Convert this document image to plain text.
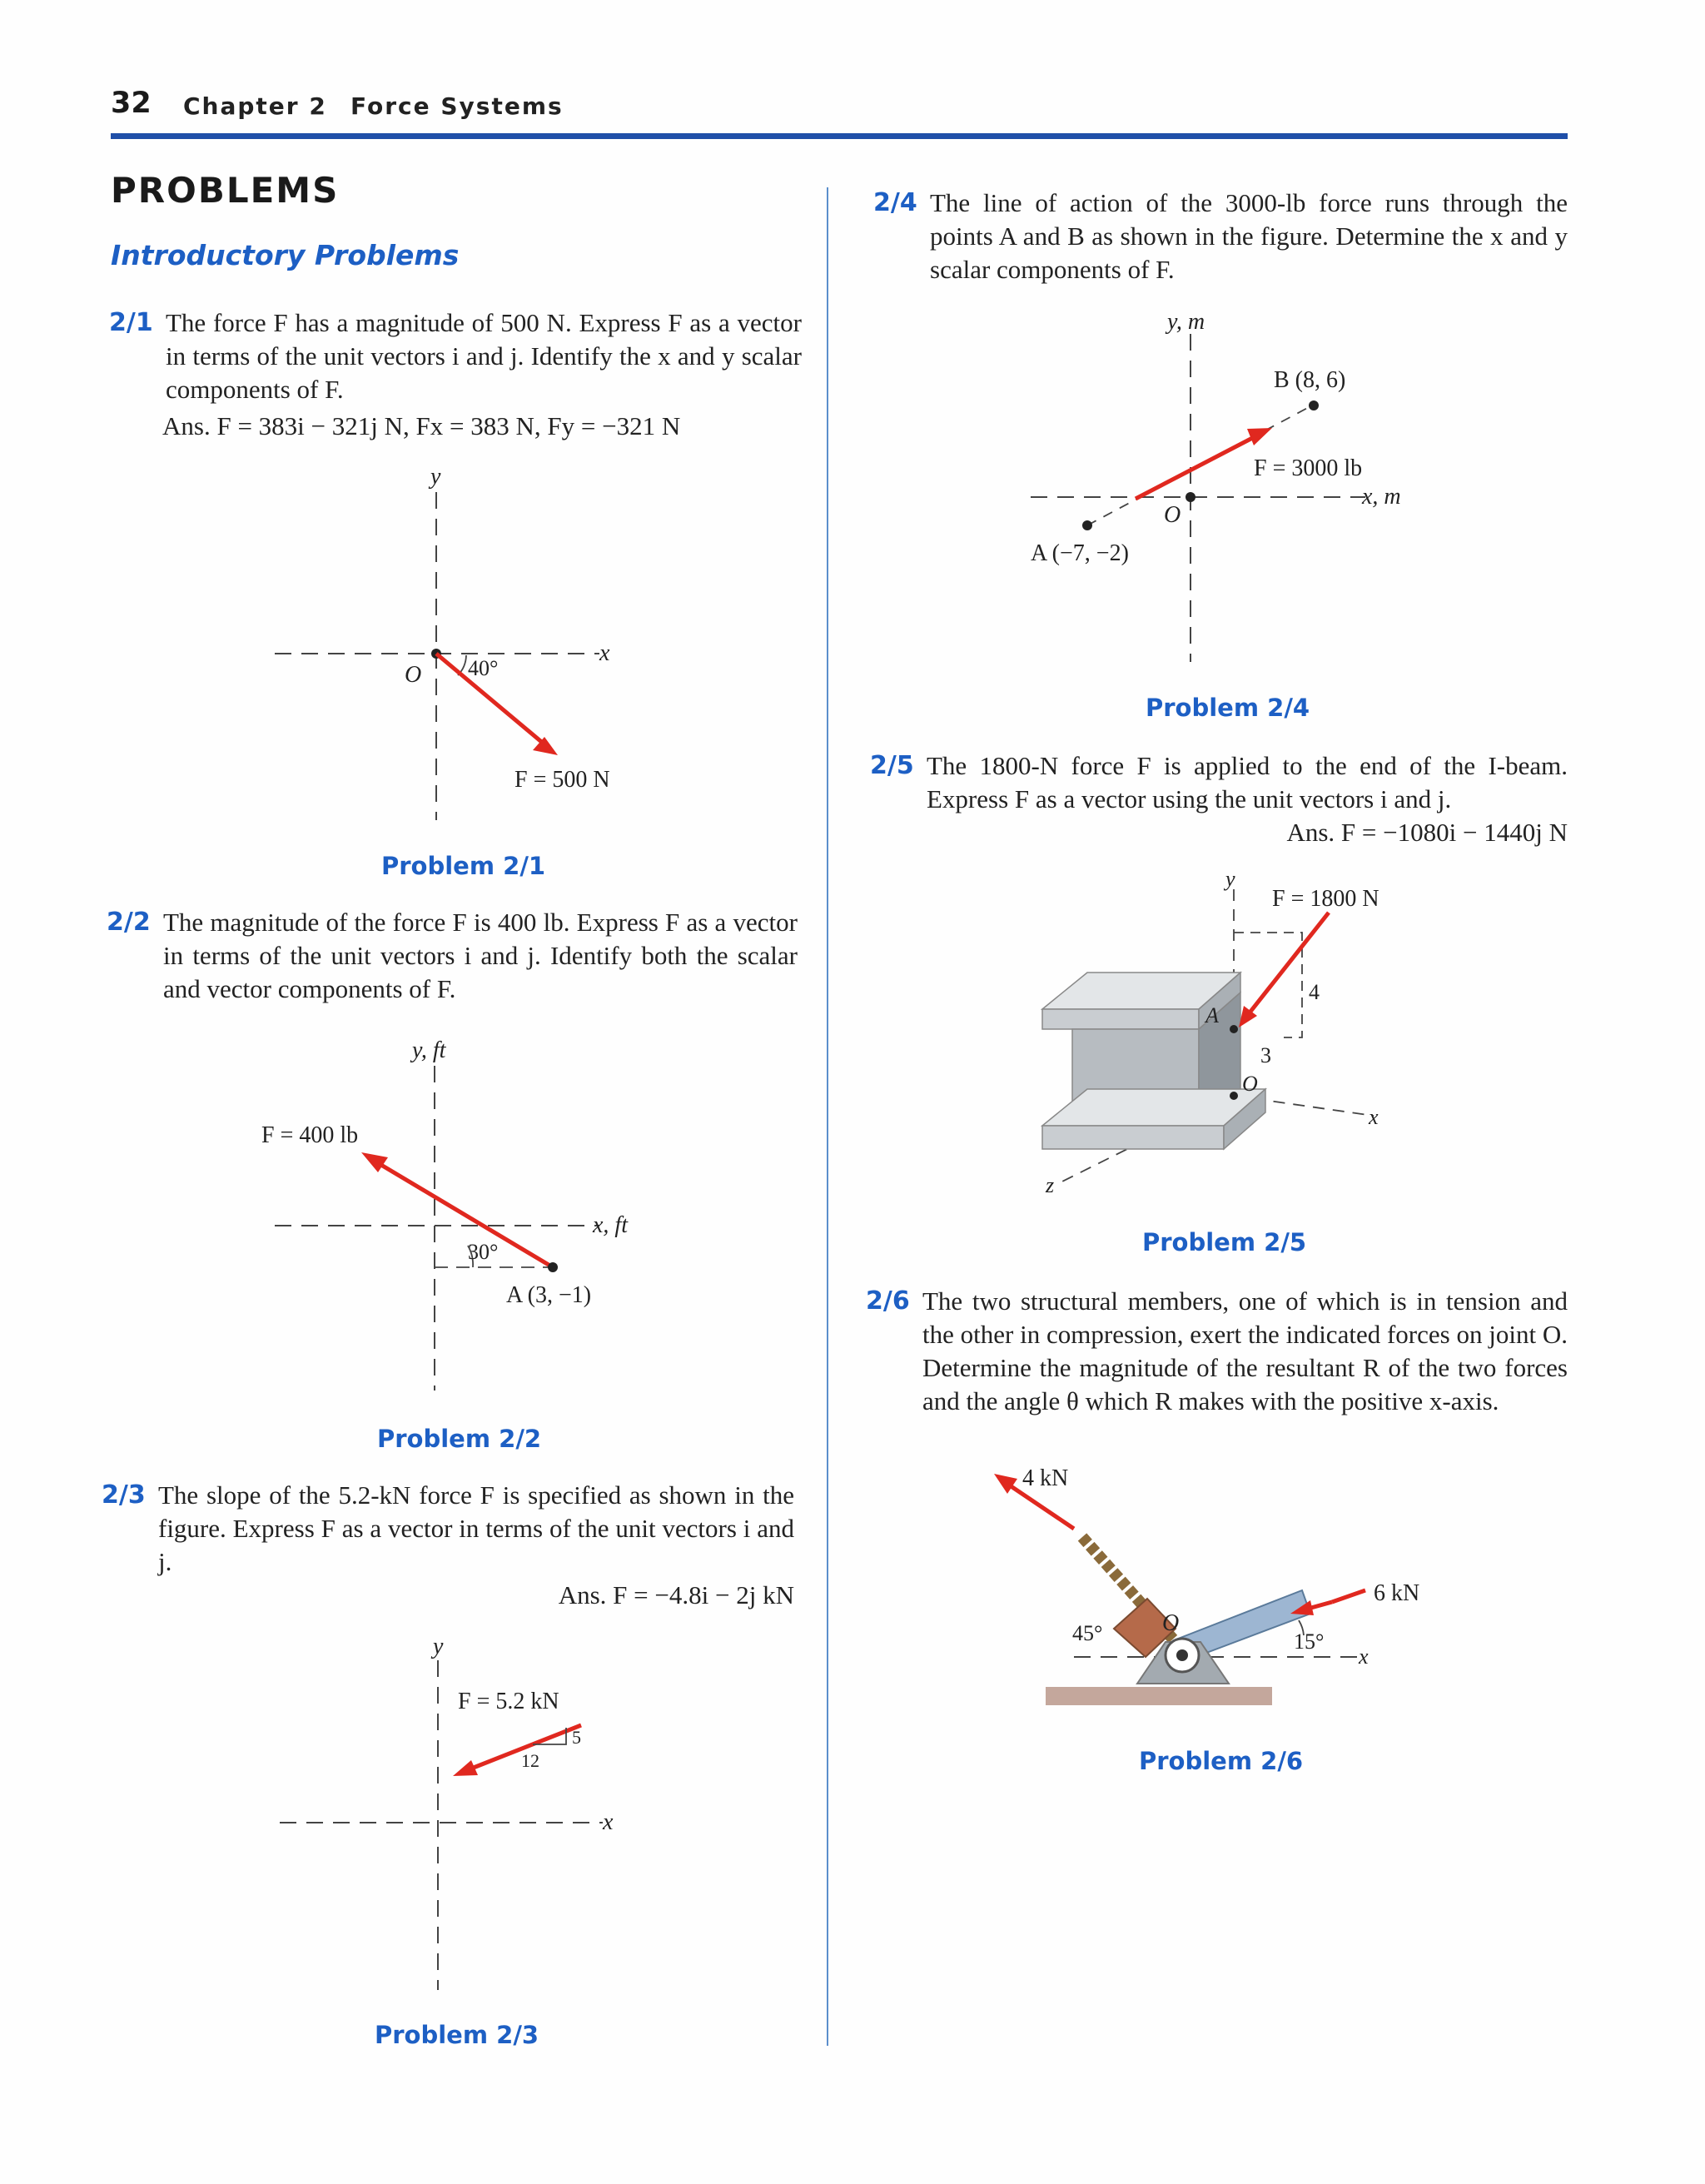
32 Chapter 2 Force Systems
PROBLEMS
Introductory Problems
2/1 The force F has a magnitude of 500 N. Express F as a vector in terms of the unit vectors i and j. Identify the x and y scalar components of F.
Ans. F = 383i − 321j N, Fx = 383 N, Fy = −321 N
y
x
O 40°
F = 500 N
Problem 2/1
2/2 The magnitude of the force F is 400 lb. Express F as a vector in terms of the unit vectors i and j. Identify both the scalar and vector components of F.
y, ft
x, ft
30°
F = 400 lb
A (3, −1)
Problem 2/2
2/3 The slope of the 5.2-kN force F is specified as shown in the figure. Express F as a vector in terms of the unit vectors i and j.
Ans. F = −4.8i − 2j kN
y
x
F = 5.2 kN
5
12
Problem 2/3
2/4 The line of action of the 3000-lb force runs through the points A and B as shown in the figure. Determine the x and y scalar components of F.
y, m
x, m
O
B (8, 6)
A (−7, −2)
F = 3000 lb
Problem 2/4
2/5 The 1800-N force F is applied to the end of the I-beam. Express F as a vector using the unit vectors i and j.
Ans. F = −1080i − 1440j N
y
x
z
A
O
4
3
F = 1800 N
Problem 2/5
2/6 The two structural members, one of which is in tension and the other in compression, exert the indicated forces on joint O. Determine the magnitude of the resultant R of the two forces and the angle θ which R makes with the positive x-axis.
x
O
4 kN
6 kN
45°	15°
Problem 2/6
